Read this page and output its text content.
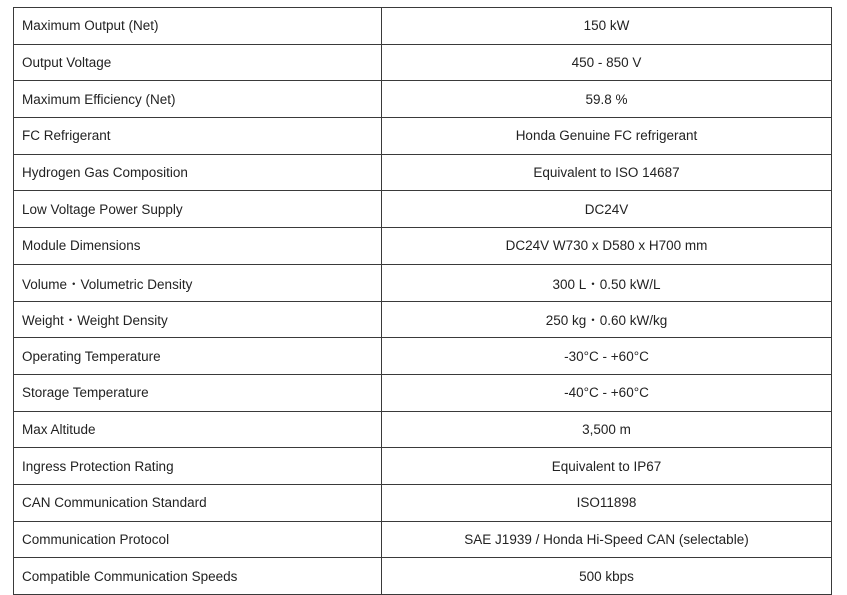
Maximum Output (Net)	150 kW
Output Voltage	450 - 850 V
Maximum Efficiency (Net)	59.8 %
FC Refrigerant	Honda Genuine FC refrigerant
Hydrogen Gas Composition	Equivalent to ISO 14687
Low Voltage Power Supply	DC24V
Module Dimensions	DC24V W730 x D580 x H700 mm
Volume・Volumetric Density	300 L・0.50 kW/L
Weight・Weight Density	250 kg・0.60 kW/kg
Operating Temperature	-30°C - +60°C
Storage Temperature	-40°C - +60°C
Max Altitude	3,500 m
Ingress Protection Rating	Equivalent to IP67
CAN Communication Standard	ISO11898
Communication Protocol	SAE J1939 / Honda Hi-Speed CAN (selectable)
Compatible Communication Speeds	500 kbps
